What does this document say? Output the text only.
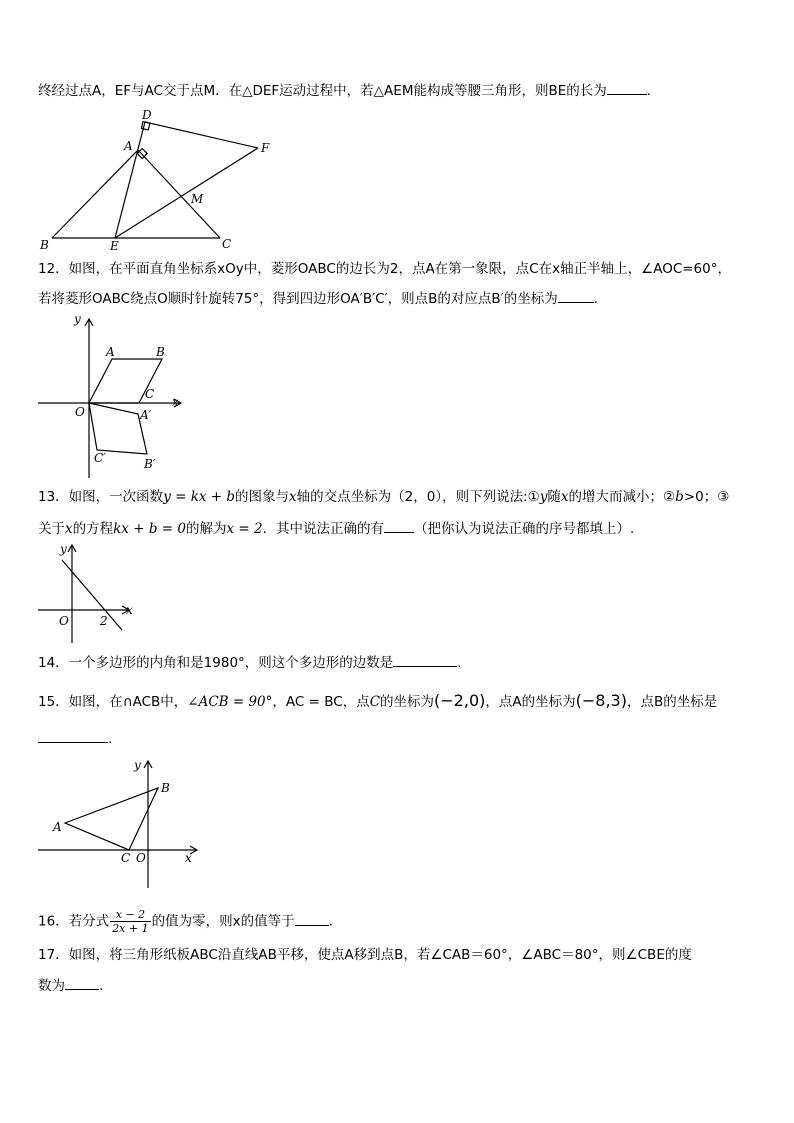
终经过点A，EF与AC交于点M．在△DEF运动过程中，若△AEM能构成等腰三角形，则BE的长为	.
D
A	F
M
B	E	C
12．如图，在平面直角坐标系xOy中，菱形OABC的边长为2，点A在第一象限，点C在x轴正半轴上，∠AOC=60°，
若将菱形OABC绕点O顺时针旋转75°，得到四边形OA′B′C′，则点B的对应点B′的坐标为	.
y
x
O
A	B
C
A′
B′
C′
13．如图，一次函数y = kx + b的图象与x轴的交点坐标为（2，0），则下列说法:①y随x的增大而减小；②b>0；③
关于x的方程kx + b = 0的解为x = 2．其中说法正确的有 （把你认为说法正确的序号都填上）.
y
x
O	2
14．一个多边形的内角和是1980°，则这个多边形的边数是	．
15．如图，在∩ACB中，∠ACB = 90°，AC = BC，点C的坐标为(−2,0)，点A的坐标为(−8,3)，点B的坐标是
.
y
x
A
B
C O
16．若分式 $\frac{x - 2}{2x + 1}$ 的值为零，则x的值等于	．
17．如图，将三角形纸板ABC沿直线AB平移，使点A移到点B，若∠CAB＝60°，∠ABC＝80°，则∠CBE的度
数为	.
